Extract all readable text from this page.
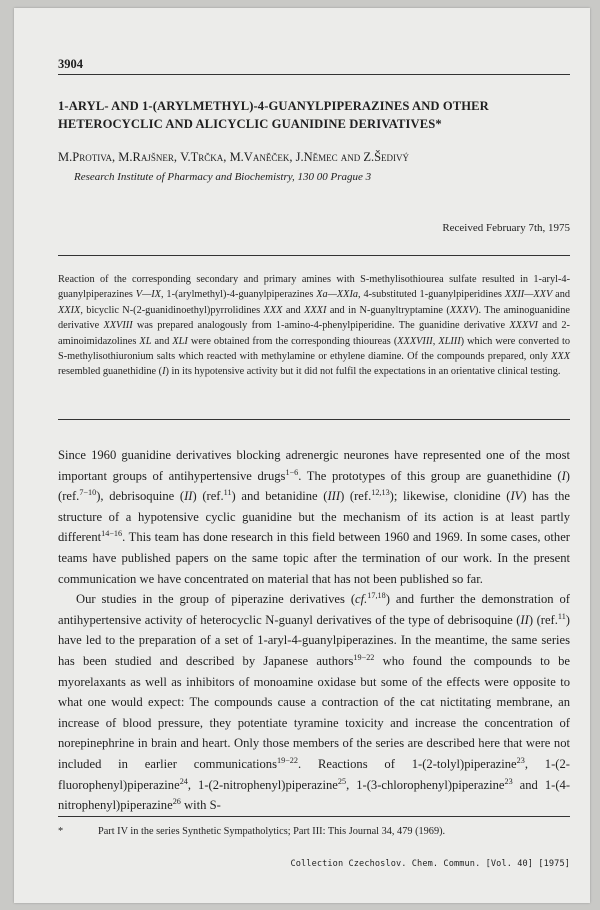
3904
1-ARYL- AND 1-(ARYLMETHYL)-4-GUANYLPIPERAZINES AND OTHER HETEROCYCLIC AND ALICYCLIC GUANIDINE DERIVATIVES*
M.Protiva, M.Rajšner, V.Trčka, M.Vaněček, J.Němec and Z.Šedivý
Research Institute of Pharmacy and Biochemistry, 130 00 Prague 3
Received February 7th, 1975

Reaction of the corresponding secondary and primary amines with S-methylisothiourea sulfate resulted in 1-aryl-4-guanylpiperazines V—IX, 1-(arylmethyl)-4-guanylpiperazines Xa—XXIa, 4-substituted 1-guanylpiperidines XXII—XXV and XXIX, bicyclic N-(2-guanidinoethyl)pyrrolidines XXX and XXXI and in N-guanyltryptamine (XXXV). The aminoguanidine derivative XXVIII was prepared analogously from 1-amino-4-phenylpiperidine. The guanidine derivative XXXVI and 2-aminoimidazolines XL and XLI were obtained from the corresponding thioureas (XXXVIII, XLIII) which were converted to S-methylisothiuronium salts which reacted with methylamine or ethylene diamine. Of the compounds prepared, only XXX resembled guanethidine (I) in its hypotensive activity but it did not fulfil the expectations in an orientative clinical testing.

Since 1960 guanidine derivatives blocking adrenergic neurones have represented one of the most important groups of antihypertensive drugs$^{1-6}$. The prototypes of this group are guanethidine (I) (ref.$^{7-10}$), debrisoquine (II) (ref.$^{11}$) and betanidine (III) (ref.$^{12,13}$); likewise, clonidine (IV) has the structure of a hypotensive cyclic guanidine but the mechanism of its action is at least partly different$^{14-16}$. This team has done research in this field between 1960 and 1969. In some cases, other teams have published papers on the same topic after the termination of our work. In the present communication we have concentrated on material that has not been published so far.

Our studies in the group of piperazine derivatives (cf.$^{17,18}$) and further the demonstration of antihypertensive activity of heterocyclic N-guanyl derivatives of the type of debrisoquine (II) (ref.$^{11}$) have led to the preparation of a set of 1-aryl-4-guanylpiperazines. In the meantime, the same series has been studied and described by Japanese authors$^{19-22}$ who found the compounds to be myorelaxants as well as inhibitors of monoamine oxidase but some of the effects were opposite to what one would expect: The compounds cause a contraction of the cat nictitating membrane, an increase of blood pressure, they potentiate tyramine toxicity and increase the concentration of norepinephrine in brain and heart. Only those members of the series are described here that were not included in earlier communications$^{19-22}$. Reactions of 1-(2-tolyl)piperazine$^{23}$, 1-(2-fluorophenyl)piperazine$^{24}$, 1-(2-nitrophenyl)piperazine$^{25}$, 1-(3-chlorophenyl)piperazine$^{23}$ and 1-(4-nitrophenyl)piperazine$^{26}$ with S-

*	Part IV in the series Synthetic Sympatholytics; Part III: This Journal 34, 479 (1969).
Collection Czechoslov. Chem. Commun. [Vol. 40] [1975]
